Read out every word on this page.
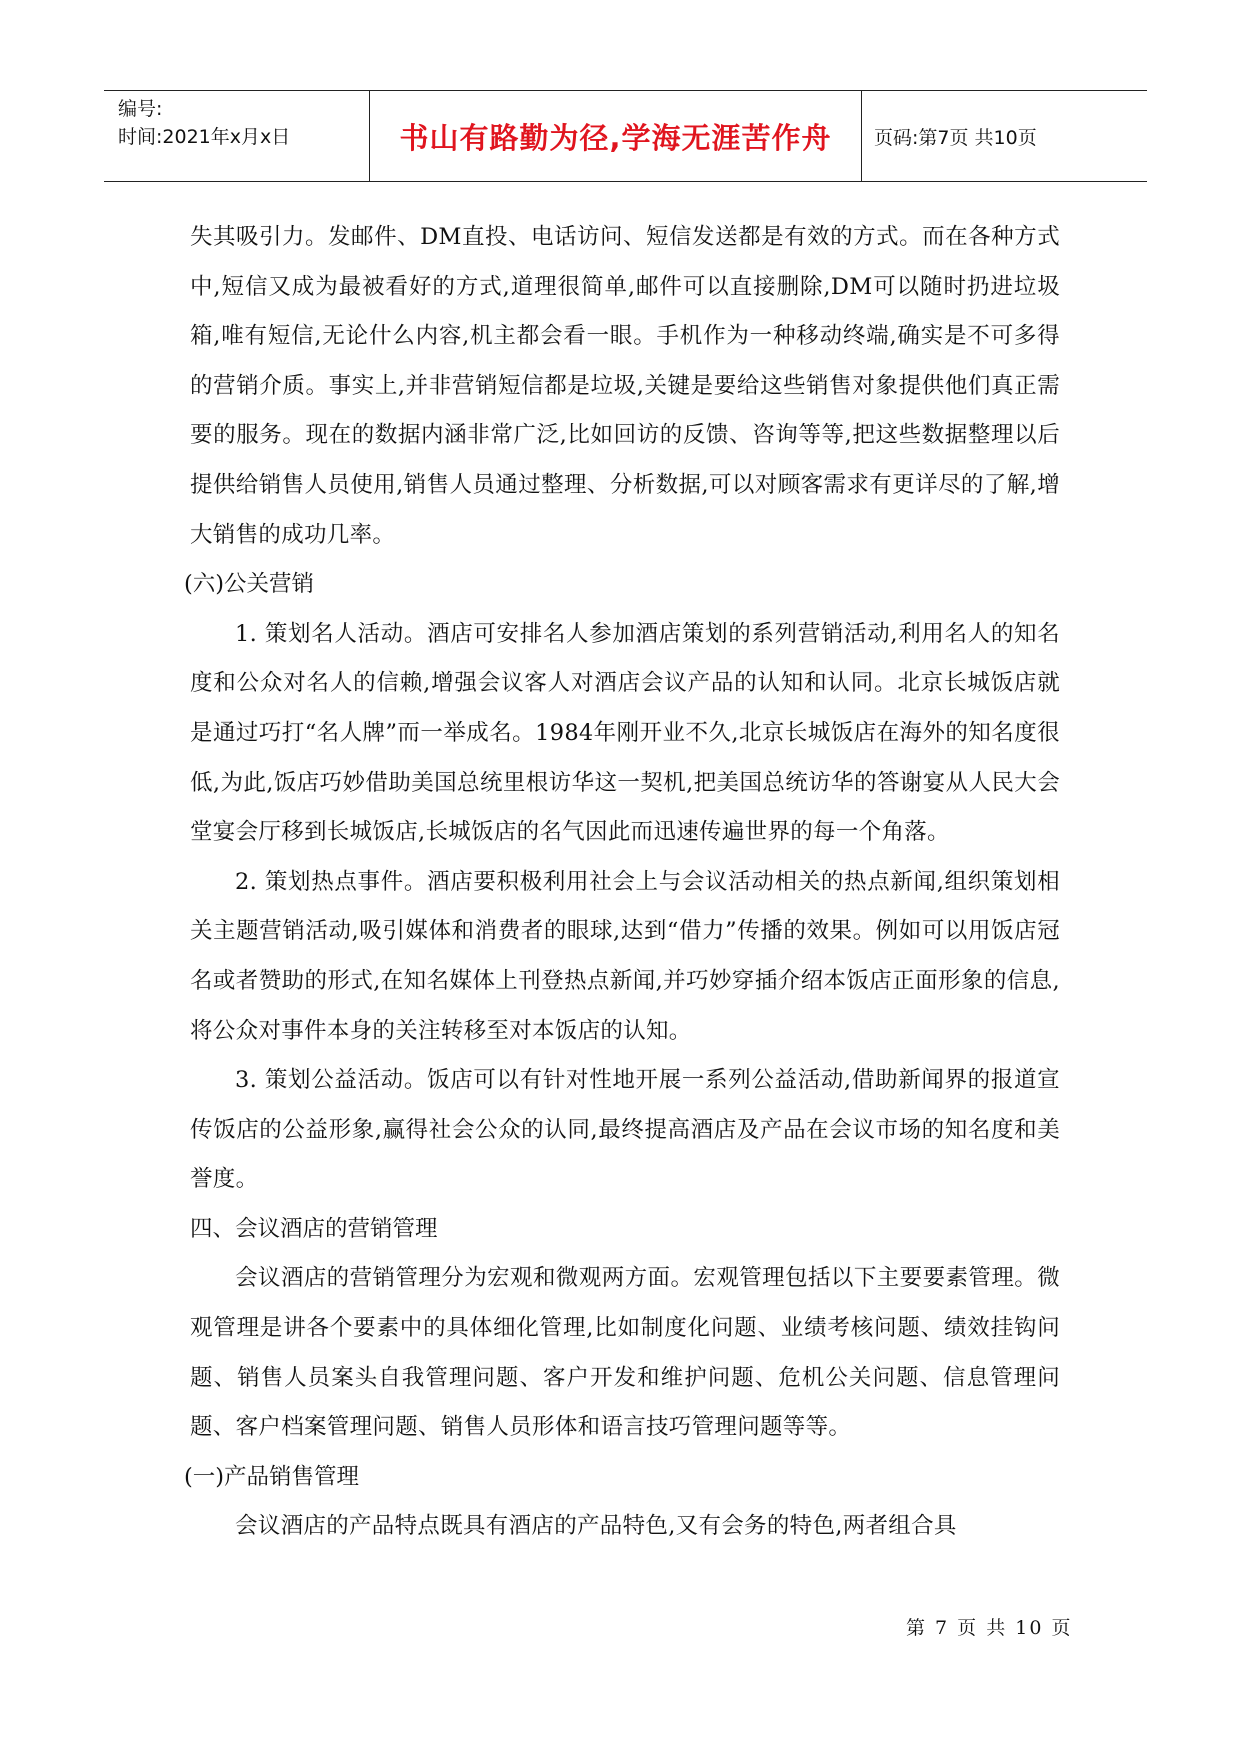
编号:
时间:2021年x月x日	书山有路勤为径,学海无涯苦作舟	页码:第7页 共10页

失其吸引力。发邮件、DM直投、电话访问、短信发送都是有效的方式。而在各种方式中,短信又成为最被看好的方式,道理很简单,邮件可以直接删除,DM可以随时扔进垃圾箱,唯有短信,无论什么内容,机主都会看一眼。手机作为一种移动终端,确实是不可多得的营销介质。事实上,并非营销短信都是垃圾,关键是要给这些销售对象提供他们真正需要的服务。现在的数据内涵非常广泛,比如回访的反馈、咨询等等,把这些数据整理以后提供给销售人员使用,销售人员通过整理、分析数据,可以对顾客需求有更详尽的了解,增大销售的成功几率。

(六)公关营销

1. 策划名人活动。酒店可安排名人参加酒店策划的系列营销活动,利用名人的知名度和公众对名人的信赖,增强会议客人对酒店会议产品的认知和认同。北京长城饭店就是通过巧打“名人牌”而一举成名。1984年刚开业不久,北京长城饭店在海外的知名度很低,为此,饭店巧妙借助美国总统里根访华这一契机,把美国总统访华的答谢宴从人民大会堂宴会厅移到长城饭店,长城饭店的名气因此而迅速传遍世界的每一个角落。

2. 策划热点事件。酒店要积极利用社会上与会议活动相关的热点新闻,组织策划相关主题营销活动,吸引媒体和消费者的眼球,达到“借力”传播的效果。例如可以用饭店冠名或者赞助的形式,在知名媒体上刊登热点新闻,并巧妙穿插介绍本饭店正面形象的信息,将公众对事件本身的关注转移至对本饭店的认知。

3. 策划公益活动。饭店可以有针对性地开展一系列公益活动,借助新闻界的报道宣传饭店的公益形象,赢得社会公众的认同,最终提高酒店及产品在会议市场的知名度和美誉度。

四、会议酒店的营销管理

会议酒店的营销管理分为宏观和微观两方面。宏观管理包括以下主要要素管理。微观管理是讲各个要素中的具体细化管理,比如制度化问题、业绩考核问题、绩效挂钩问题、销售人员案头自我管理问题、客户开发和维护问题、危机公关问题、信息管理问题、客户档案管理问题、销售人员形体和语言技巧管理问题等等。

(一)产品销售管理

会议酒店的产品特点既具有酒店的产品特色,又有会务的特色,两者组合具

第 7 页 共 10 页
